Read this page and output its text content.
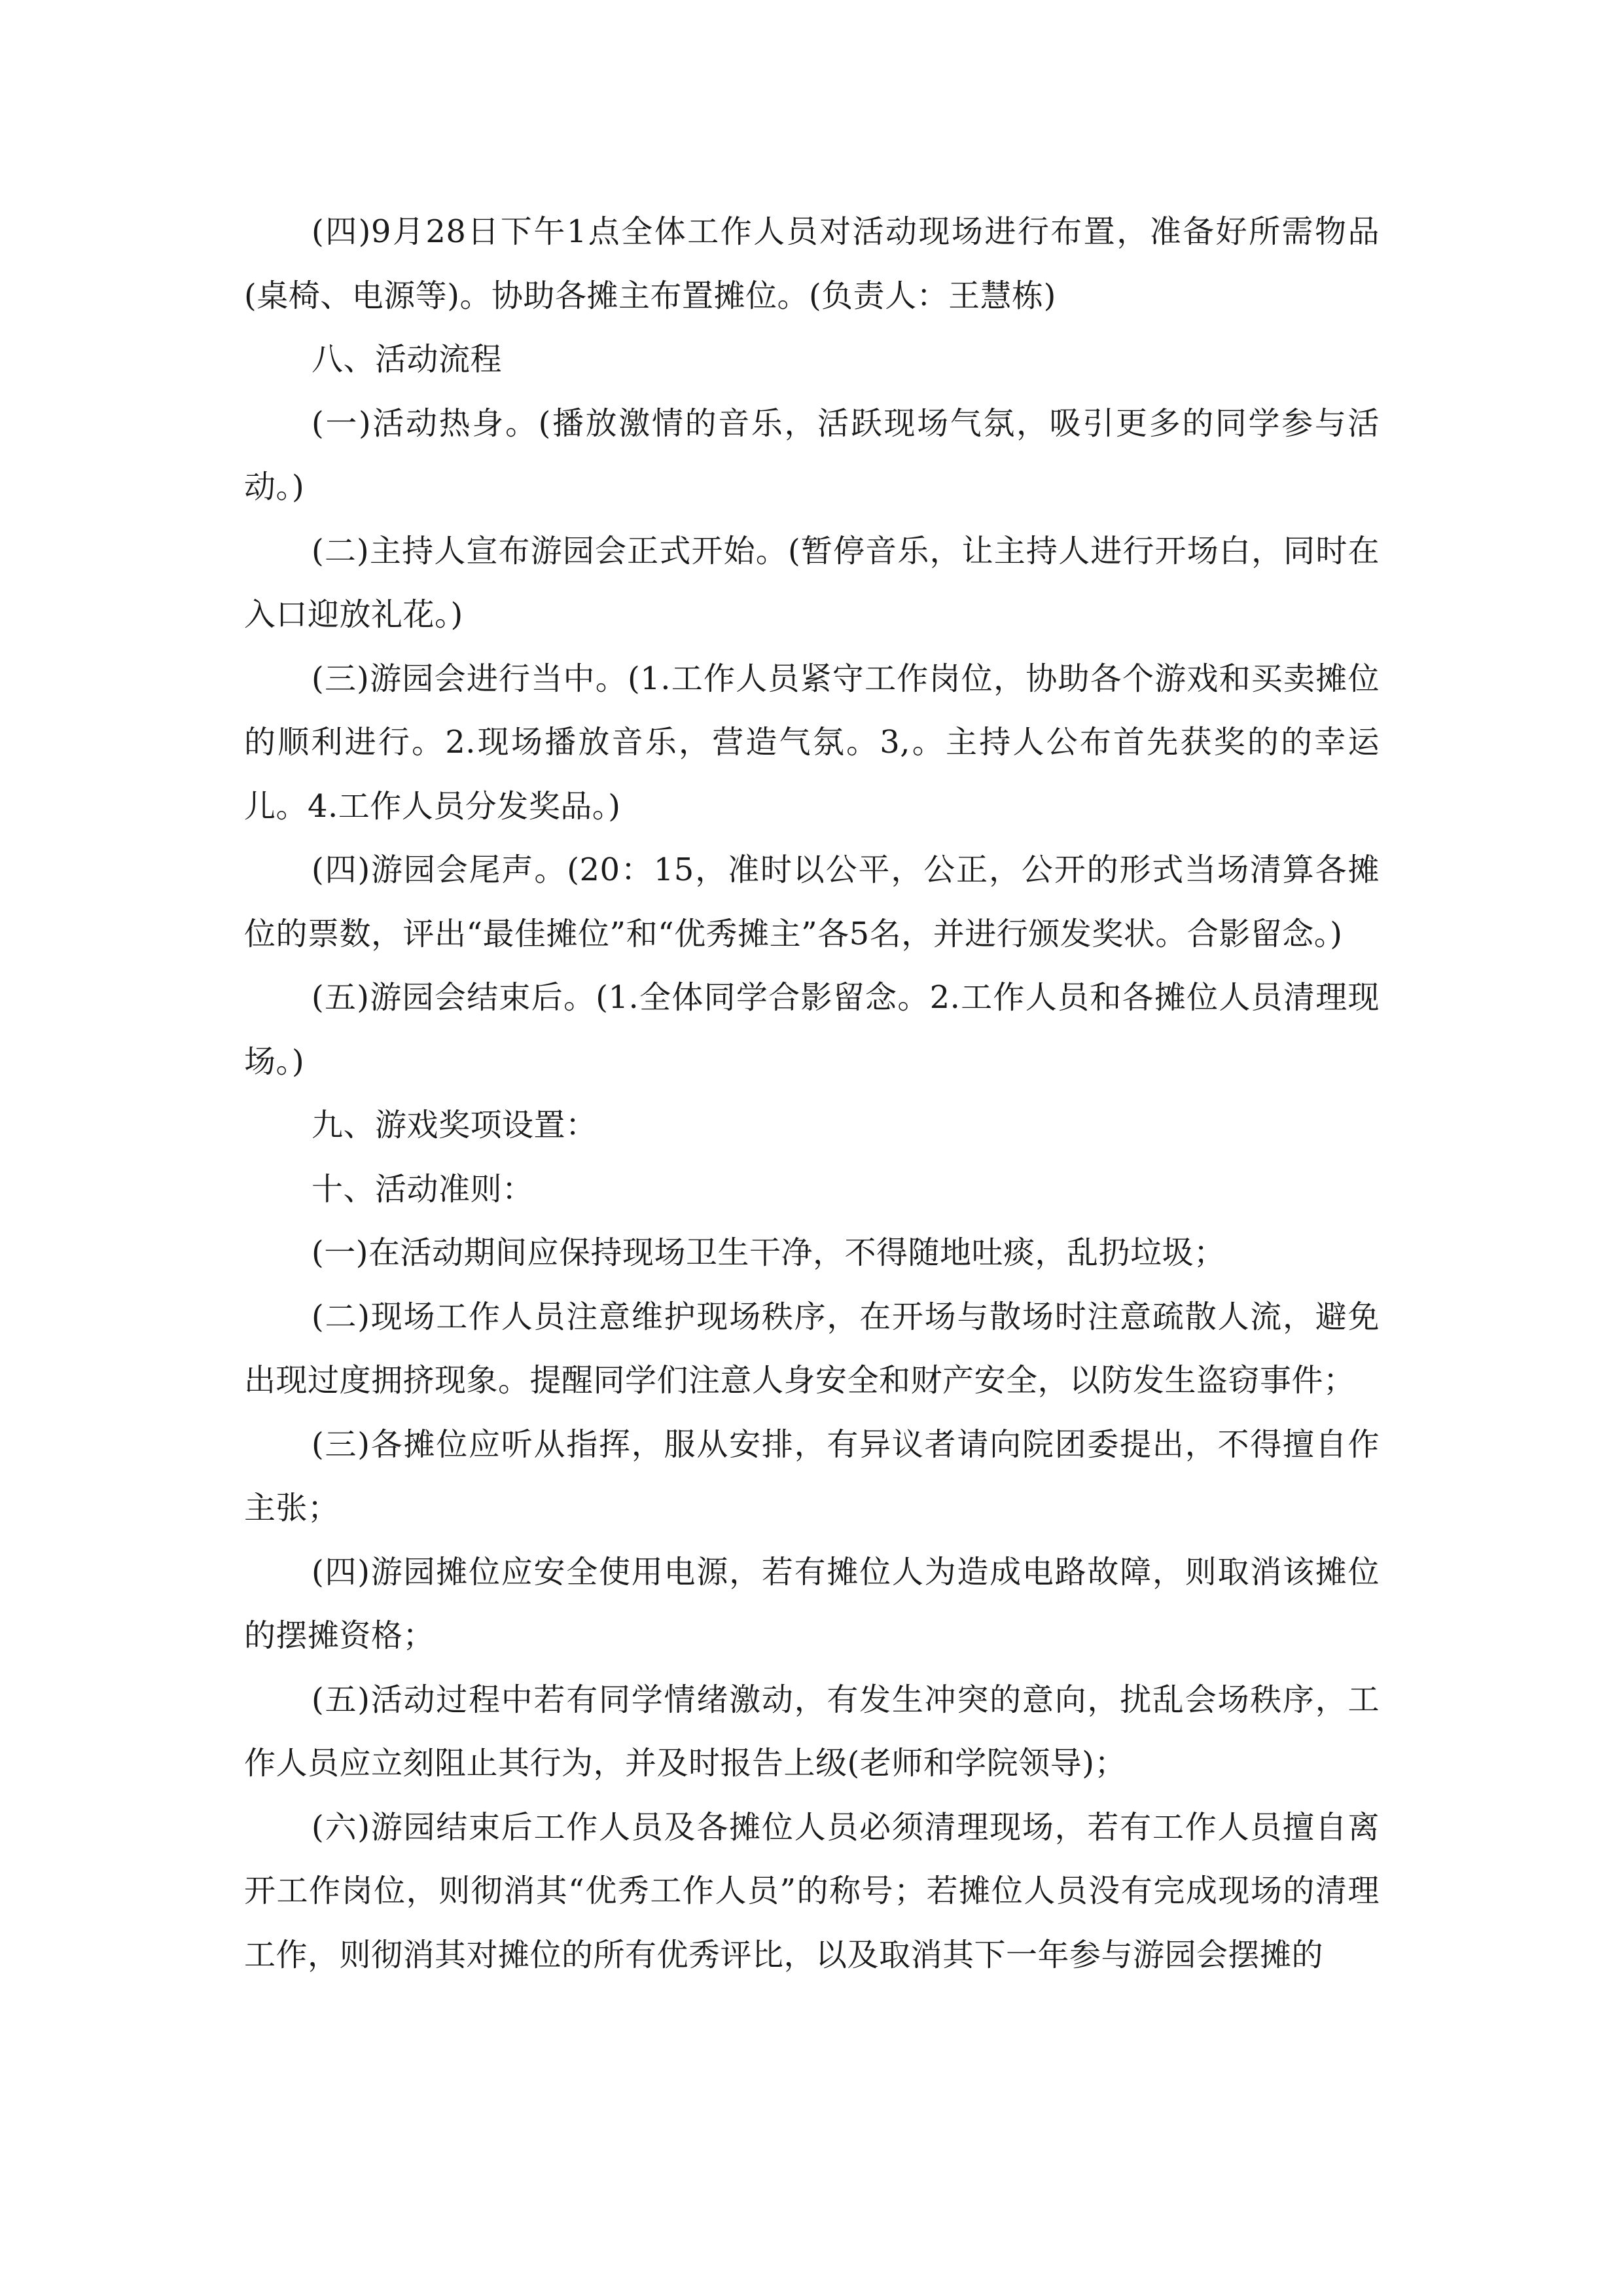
(四)9月28日下午1点全体工作人员对活动现场进行布置，准备好所需物品(桌椅、电源等)。协助各摊主布置摊位。(负责人：王慧栋)

八、活动流程

(一)活动热身。(播放激情的音乐，活跃现场气氛，吸引更多的同学参与活动。)

(二)主持人宣布游园会正式开始。(暂停音乐，让主持人进行开场白，同时在入口迎放礼花。)

(三)游园会进行当中。(1.工作人员紧守工作岗位，协助各个游戏和买卖摊位的顺利进行。2.现场播放音乐，营造气氛。3,。主持人公布首先获奖的的幸运儿。4.工作人员分发奖品。)

(四)游园会尾声。(20：15，准时以公平，公正，公开的形式当场清算各摊位的票数，评出“最佳摊位”和“优秀摊主”各5名，并进行颁发奖状。合影留念。)

(五)游园会结束后。(1.全体同学合影留念。2.工作人员和各摊位人员清理现场。)

九、游戏奖项设置：

十、活动准则：

(一)在活动期间应保持现场卫生干净，不得随地吐痰，乱扔垃圾；

(二)现场工作人员注意维护现场秩序，在开场与散场时注意疏散人流，避免出现过度拥挤现象。提醒同学们注意人身安全和财产安全，以防发生盗窃事件；

(三)各摊位应听从指挥，服从安排，有异议者请向院团委提出，不得擅自作主张；

(四)游园摊位应安全使用电源，若有摊位人为造成电路故障，则取消该摊位的摆摊资格；

(五)活动过程中若有同学情绪激动，有发生冲突的意向，扰乱会场秩序，工作人员应立刻阻止其行为，并及时报告上级(老师和学院领导)；

(六)游园结束后工作人员及各摊位人员必须清理现场，若有工作人员擅自离开工作岗位，则彻消其“优秀工作人员”的称号；若摊位人员没有完成现场的清理工作，则彻消其对摊位的所有优秀评比，以及取消其下一年参与游园会摆摊的
